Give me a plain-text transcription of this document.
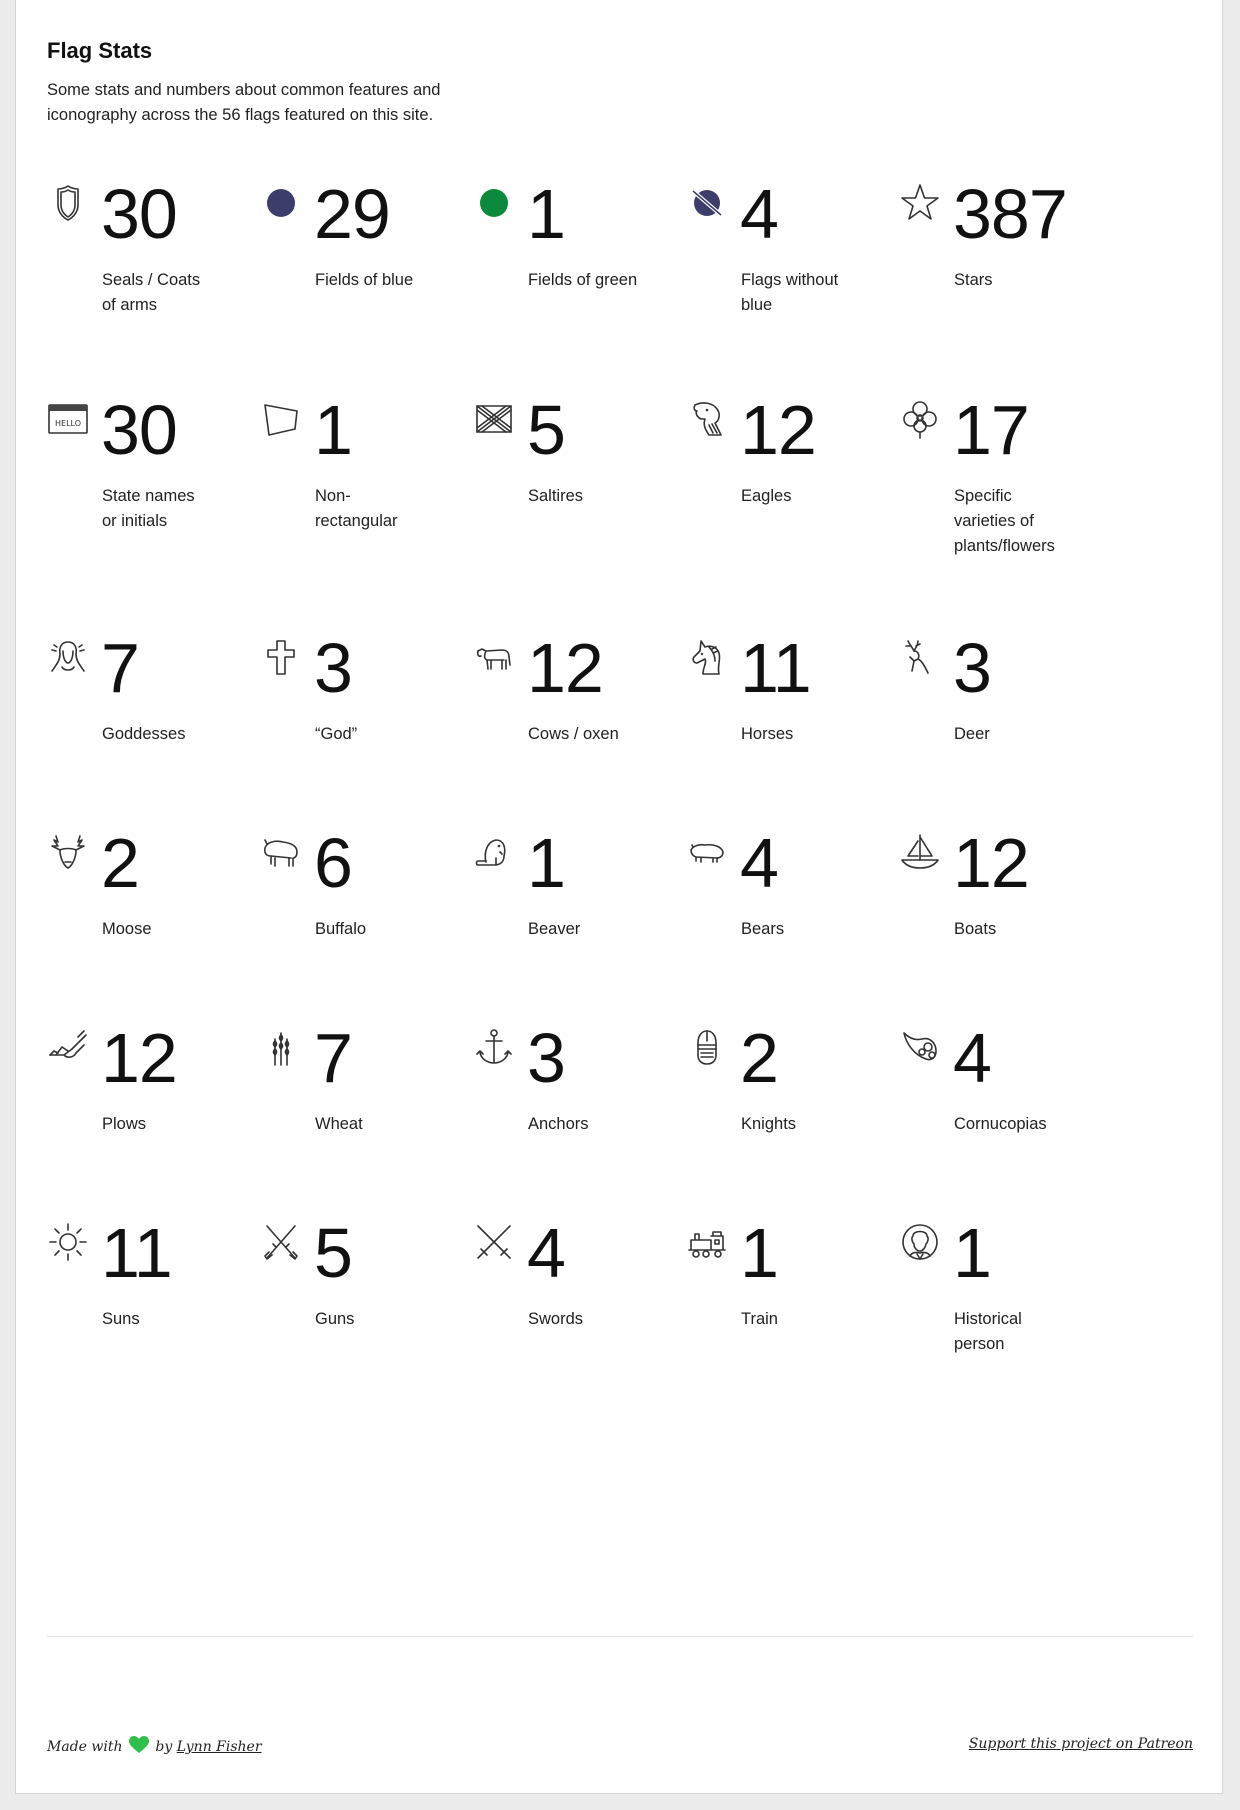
Flag Stats

Some stats and numbers about common features and iconography across the 56 flags featured on this site.

30
Seals / Coats of arms
29
Fields of blue
1
Fields of green
4
Flags without blue
387
Stars
HELLO 30
State names or initials
1
Non-rectangular
5
Saltires
12
Eagles
17
Specific varieties of plants/flowers
7
Goddesses
3
“God”
12
Cows / oxen
11
Horses
3
Deer
2
Moose
6
Buffalo
1
Beaver
4
Bears
12
Boats
12
Plows
7
Wheat
3
Anchors
2
Knights
4
Cornucopias
11
Suns
5
Guns
4
Swords
1
Train
1
Historical person
Made with by Lynn Fisher	Support this project on Patreon
